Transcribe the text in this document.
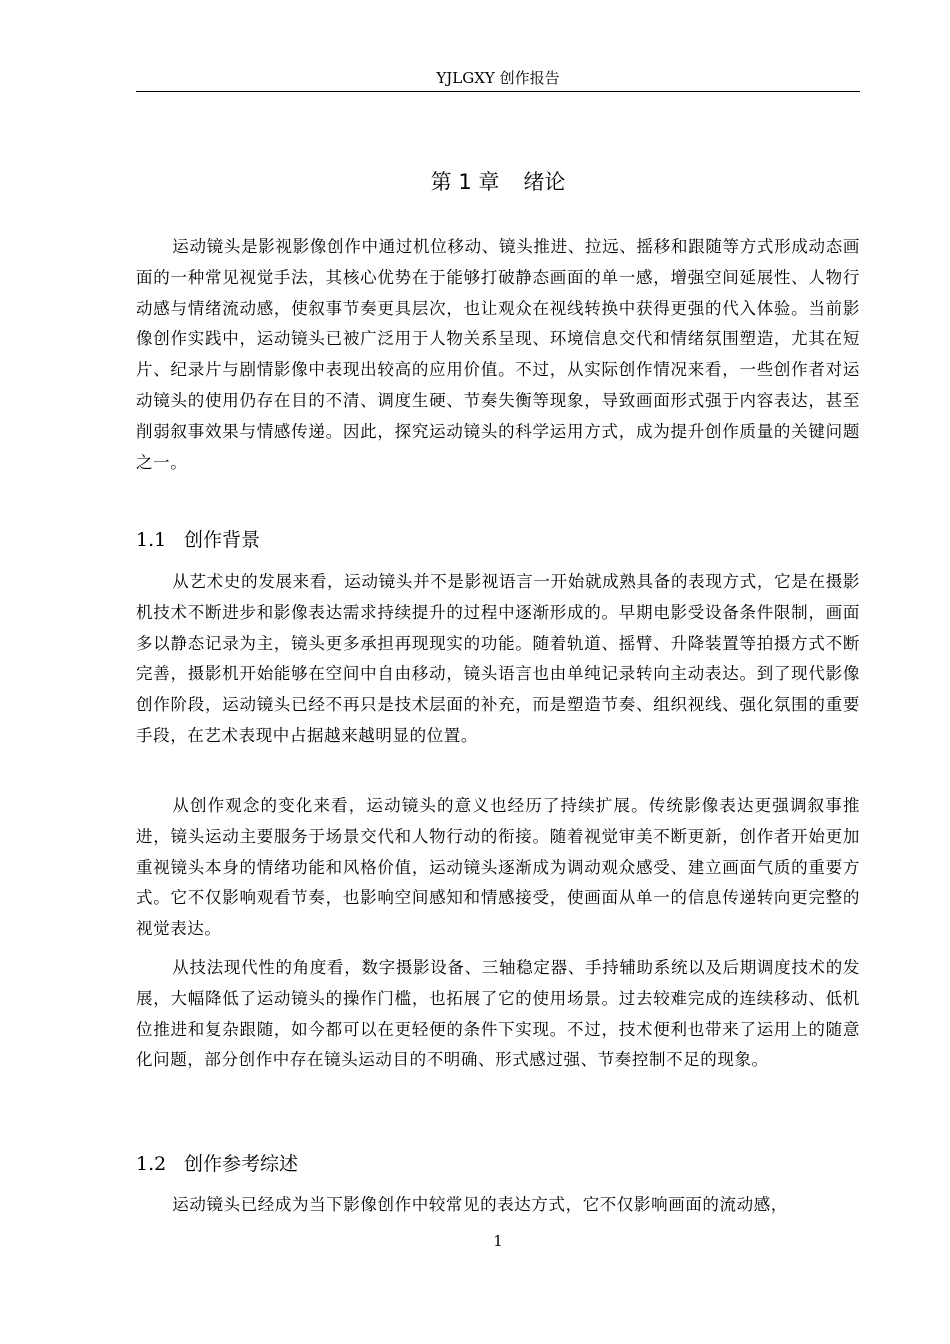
YJLGXY 创作报告
第 1 章 绪论

运动镜头是影视影像创作中通过机位移动、镜头推进、拉远、摇移和跟随等方式形成动态画面的一种常见视觉手法，其核心优势在于能够打破静态画面的单一感，增强空间延展性、人物行动感与情绪流动感，使叙事节奏更具层次，也让观众在视线转换中获得更强的代入体验。当前影像创作实践中，运动镜头已被广泛用于人物关系呈现、环境信息交代和情绪氛围塑造，尤其在短片、纪录片与剧情影像中表现出较高的应用价值。不过，从实际创作情况来看，一些创作者对运动镜头的使用仍存在目的不清、调度生硬、节奏失衡等现象，导致画面形式强于内容表达，甚至削弱叙事效果与情感传递。因此，探究运动镜头的科学运用方式，成为提升创作质量的关键问题之一。

1.1 创作背景

从艺术史的发展来看，运动镜头并不是影视语言一开始就成熟具备的表现方式，它是在摄影机技术不断进步和影像表达需求持续提升的过程中逐渐形成的。早期电影受设备条件限制，画面多以静态记录为主，镜头更多承担再现现实的功能。随着轨道、摇臂、升降装置等拍摄方式不断完善，摄影机开始能够在空间中自由移动，镜头语言也由单纯记录转向主动表达。到了现代影像创作阶段，运动镜头已经不再只是技术层面的补充，而是塑造节奏、组织视线、强化氛围的重要手段，在艺术表现中占据越来越明显的位置。

从创作观念的变化来看，运动镜头的意义也经历了持续扩展。传统影像表达更强调叙事推进，镜头运动主要服务于场景交代和人物行动的衔接。随着视觉审美不断更新，创作者开始更加重视镜头本身的情绪功能和风格价值，运动镜头逐渐成为调动观众感受、建立画面气质的重要方式。它不仅影响观看节奏，也影响空间感知和情感接受，使画面从单一的信息传递转向更完整的视觉表达。

从技法现代性的角度看，数字摄影设备、三轴稳定器、手持辅助系统以及后期调度技术的发展，大幅降低了运动镜头的操作门槛，也拓展了它的使用场景。过去较难完成的连续移动、低机位推进和复杂跟随，如今都可以在更轻便的条件下实现。不过，技术便利也带来了运用上的随意化问题，部分创作中存在镜头运动目的不明确、形式感过强、节奏控制不足的现象。

1.2 创作参考综述

运动镜头已经成为当下影像创作中较常见的表达方式，它不仅影响画面的流动感，

1
